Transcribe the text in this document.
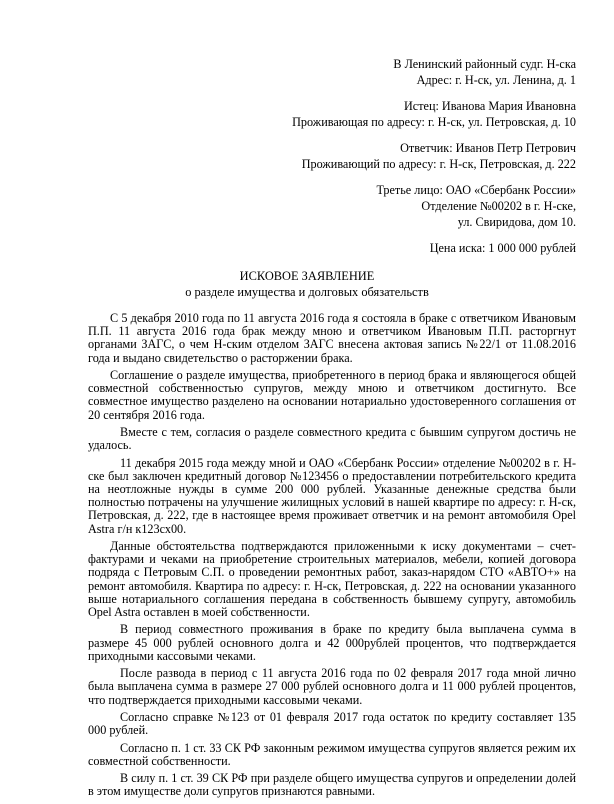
В Ленинский районный судг. Н-ска
Адрес: г. Н-ск, ул. Ленина, д. 1
Истец: Иванова Мария Ивановна
Проживающая по адресу: г. Н-ск, ул. Петровская, д. 10
Ответчик: Иванов Петр Петрович
Проживающий по адресу: г. Н-ск, Петровская, д. 222
Третье лицо: ОАО «Сбербанк России»
Отделение №00202 в г. Н-ске,
ул. Свиридова, дом 10.
Цена иска: 1 000 000 рублей
ИСКОВОЕ ЗАЯВЛЕНИЕ
о разделе имущества и долговых обязательств

С 5 декабря 2010 года по 11 августа 2016 года я состояла в браке с ответчиком Ивановым П.П. 11 августа 2016 года брак между мною и ответчиком Ивановым П.П. расторгнут органами ЗАГС, о чем Н-ским отделом ЗАГС внесена актовая запись №22/1 от 11.08.2016 года и выдано свидетельство о расторжении брака.

Соглашение о разделе имущества, приобретенного в период брака и являющегося общей совместной собственностью супругов, между мною и ответчиком достигнуто. Все совместное имущество разделено на основании нотариально удостоверенного соглашения от 20 сентября 2016 года.

Вместе с тем, согласия о разделе совместного кредита с бывшим супругом достичь не удалось.

11 декабря 2015 года между мной и ОАО «Сбербанк России» отделение №00202 в г. Н-ске был заключен кредитный договор №123456 о предоставлении потребительского кредита на неотложные нужды в сумме 200 000 рублей. Указанные денежные средства были полностью потрачены на улучшение жилищных условий в нашей квартире по адресу: г. Н-ск, Петровская, д. 222, где в настоящее время проживает ответчик и на ремонт автомобиля Opel Astra г/н к123сх00.

Данные обстоятельства подтверждаются приложенными к иску документами – счет-фактурами и чеками на приобретение строительных материалов, мебели, копией договора подряда с Петровым С.П. о проведении ремонтных работ, заказ-нарядом СТО «АВТО+» на ремонт автомобиля. Квартира по адресу: г. Н-ск, Петровская, д. 222 на основании указанного выше нотариального соглашения передана в собственность бывшему супругу, автомобиль Opel Astra оставлен в моей собственности.

В период совместного проживания в браке по кредиту была выплачена сумма в размере 45 000 рублей основного долга и 42 000рублей процентов, что подтверждается приходными кассовыми чеками.

После развода в период с 11 августа 2016 года по 02 февраля 2017 года мной лично была выплачена сумма в размере 27 000 рублей основного долга и 11 000 рублей процентов, что подтверждается приходными кассовыми чеками.

Согласно справке №123 от 01 февраля 2017 года остаток по кредиту составляет 135 000 рублей.

Согласно п. 1 ст. 33 СК РФ законным режимом имущества супругов является режим их совместной собственности.

В силу п. 1 ст. 39 СК РФ при разделе общего имущества супругов и определении долей в этом имуществе доли супругов признаются равными.
